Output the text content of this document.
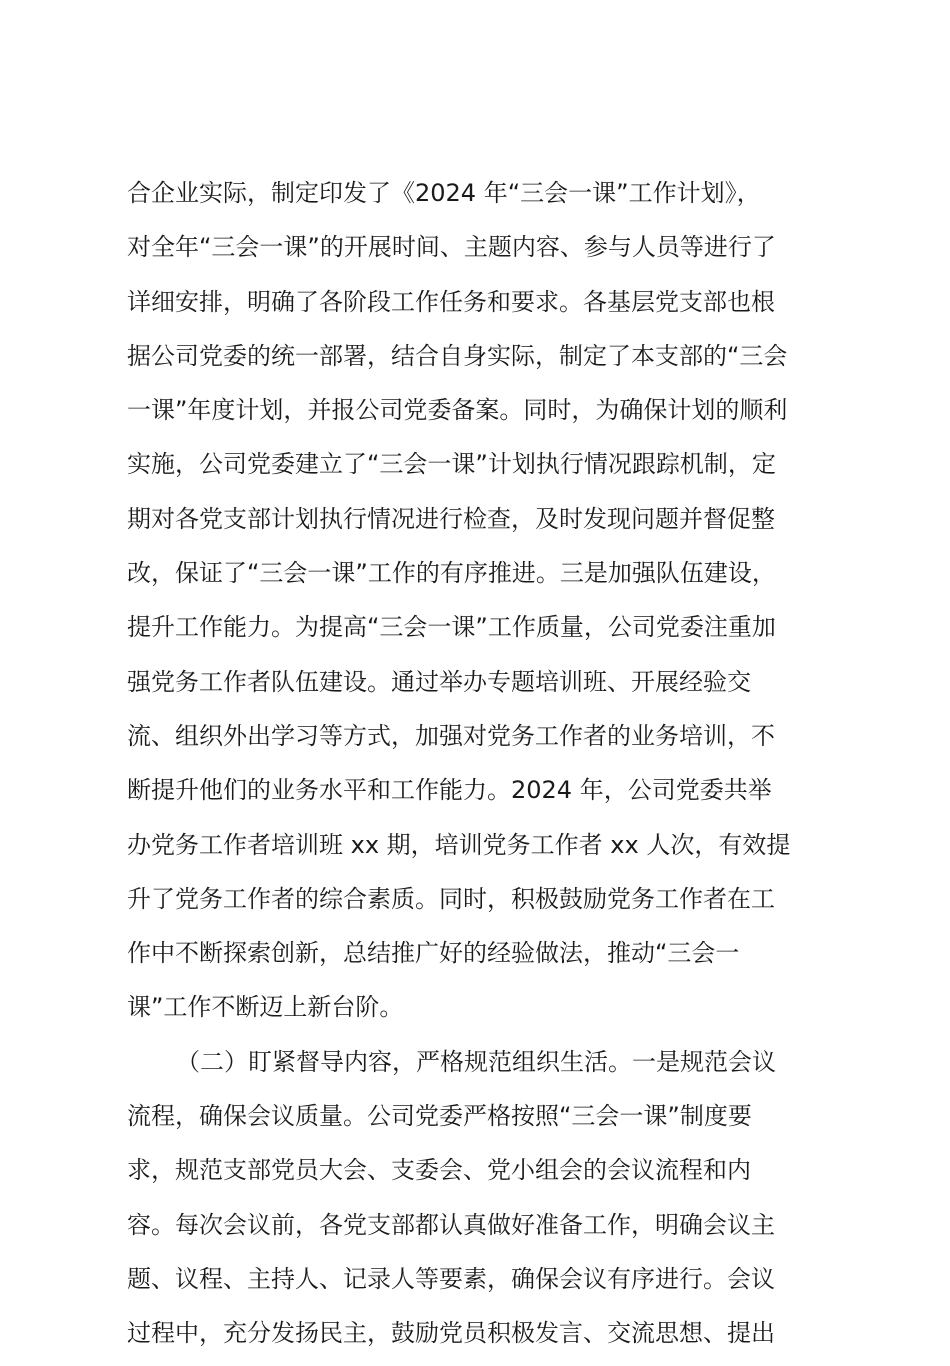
合企业实际，制定印发了《2024 年“三会一课”工作计划》，
对全年“三会一课”的开展时间、主题内容、参与人员等进行了
详细安排，明确了各阶段工作任务和要求。各基层党支部也根
据公司党委的统一部署，结合自身实际，制定了本支部的“三会
一课”年度计划，并报公司党委备案。同时，为确保计划的顺利
实施，公司党委建立了“三会一课”计划执行情况跟踪机制，定
期对各党支部计划执行情况进行检查，及时发现问题并督促整
改，保证了“三会一课”工作的有序推进。三是加强队伍建设，
提升工作能力。为提高“三会一课”工作质量，公司党委注重加
强党务工作者队伍建设。通过举办专题培训班、开展经验交
流、组织外出学习等方式，加强对党务工作者的业务培训，不
断提升他们的业务水平和工作能力。2024 年，公司党委共举
办党务工作者培训班 xx 期，培训党务工作者 xx 人次，有效提
升了党务工作者的综合素质。同时，积极鼓励党务工作者在工
作中不断探索创新，总结推广好的经验做法，推动“三会一
课”工作不断迈上新台阶。
（二）盯紧督导内容，严格规范组织生活。一是规范会议
流程，确保会议质量。公司党委严格按照“三会一课”制度要
求，规范支部党员大会、支委会、党小组会的会议流程和内
容。每次会议前，各党支部都认真做好准备工作，明确会议主
题、议程、主持人、记录人等要素，确保会议有序进行。会议
过程中，充分发扬民主，鼓励党员积极发言、交流思想、提出
